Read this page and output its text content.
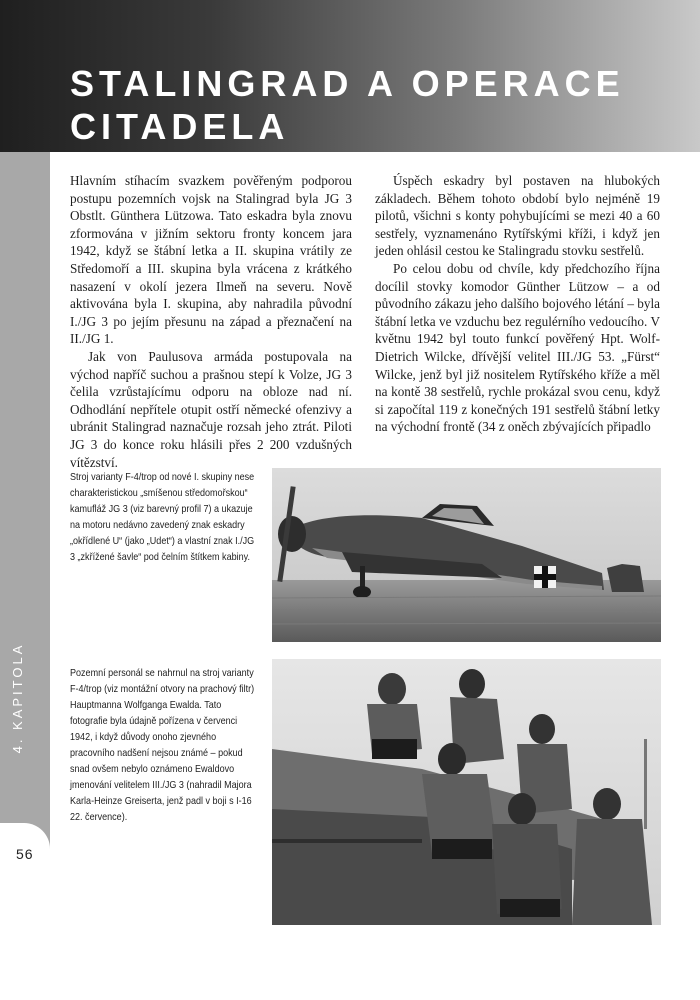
STALINGRAD A OPERACE
CITADELA
4. KAPITOLA
56

Hlavním stíhacím svazkem pověřeným podporou postupu pozemních vojsk na Stalingrad byla JG 3 Obstlt. Günthera Lützowa. Tato eskadra byla znovu zformována v jižním sektoru fronty koncem jara 1942, když se štábní letka a II. skupina vrátily ze Středomoří a III. skupina byla vrácena z krátkého nasazení v okolí jezera Ilmeň na severu. Nově aktivována byla I. skupina, aby nahradila původní I./JG 3 po jejím přesunu na západ a přeznačení na II./JG 1.

Jak von Paulusova armáda postupovala na východ napříč suchou a prašnou stepí k Volze, JG 3 čelila vzrůstajícímu odporu na obloze nad ní. Odhodlání nepřítele otupit ostří německé ofenzivy a ubránit Stalingrad naznačuje rozsah jeho ztrát. Piloti JG 3 do konce roku hlásili přes 2 200 vzdušných vítězství.

Úspěch eskadry byl postaven na hlubokých základech. Během tohoto období bylo nejméně 19 pilotů, všichni s konty pohybujícími se mezi 40 a 60 sestřely, vyznamenáno Rytířskými kříži, i když jen jeden ohlásil cestou ke Stalingradu stovku sestřelů.

Po celou dobu od chvíle, kdy předchozího října docílil stovky komodor Günther Lützow – a od původního zákazu jeho dalšího bojového létání – byla štábní letka ve vzduchu bez regulérního vedoucího. V květnu 1942 byl touto funkcí pověřený Hpt. Wolf-Dietrich Wilcke, dřívější velitel III./JG 53. „Fürst“ Wilcke, jenž byl již nositelem Rytířského kříže a měl na kontě 38 sestřelů, rychle prokázal svou cenu, když si započítal 119 z konečných 191 sestřelů štábní letky na východní frontě (34 z oněch zbývajících připadlo

Stroj varianty F-4/trop od nové I. skupiny nese charakteristickou „smíšenou středomořskou“ kamufláž JG 3 (viz barevný profil 7) a ukazuje na motoru nedávno zavedený znak eskadry „okřídlené U“ (jako „Udet“) a vlastní znak I./JG 3 „zkřížené šavle“ pod čelním štítkem kabiny.
Pozemní personál se nahrnul na stroj varianty F-4/trop (viz montážní otvory na prachový filtr) Hauptmanna Wolfganga Ewalda. Tato fotografie byla údajně pořízena v červenci 1942, i když důvody onoho zjevného pracovního nadšení nejsou známé – pokud snad ovšem nebylo oznámeno Ewaldovo jmenování velitelem III./JG 3 (nahradil Majora Karla-Heinze Greiserta, jenž padl v boji s I-16 22. července).
